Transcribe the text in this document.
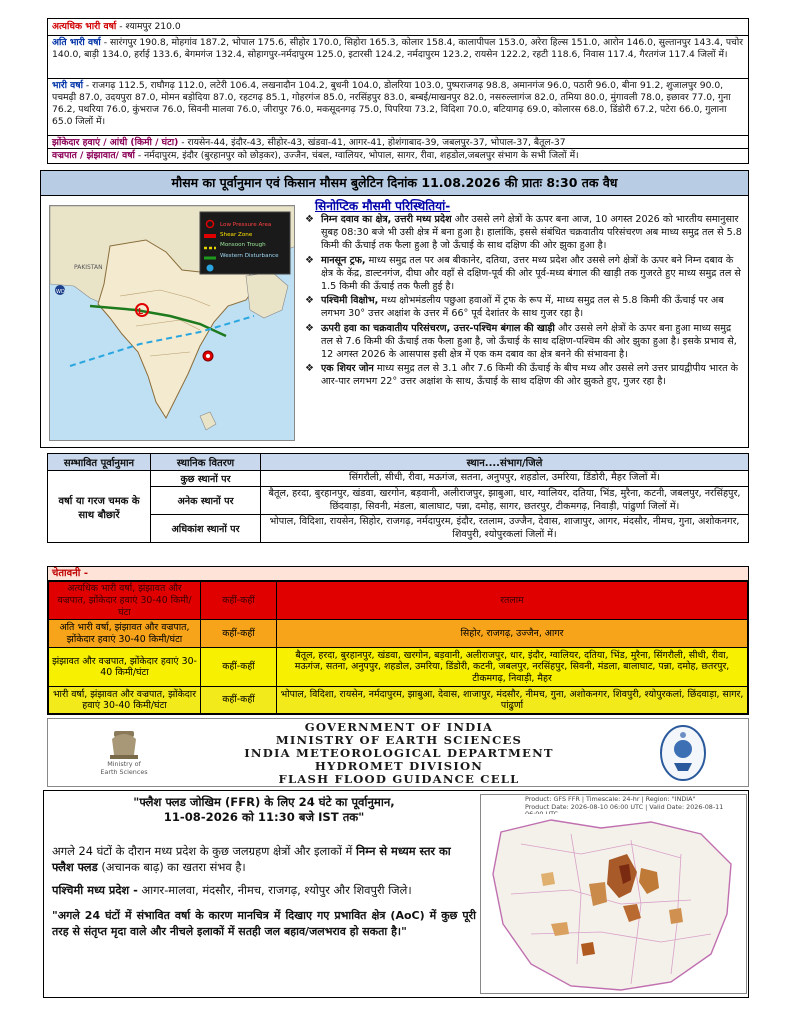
अत्यधिक भारी वर्षा - श्यामपुर 210.0
अति भारी वर्षा - सारंगपुर 190.8, मोहगांव 187.2, भोपाल 175.6, सीहोर 170.0, सिहोरा 165.3, कोलार 158.4, कालापीपल 153.0, अरेरा हिल्स 151.0, आरोन 146.0, सुल्तानपुर 143.4, पचोर 140.0, बाड़ी 134.0, हर्राई 133.6, बेगमगंज 132.4, सोहागपुर-नर्मदापुरम 125.0, इटारसी 124.2, नर्मदापुरम 123.2, रायसेन 122.2, रहटी 118.6, निवास 117.4, गैरतगंज 117.4 जिलों में।
भारी वर्षा - राजगढ़ 112.5, राघौगढ़ 112.0, लटेरी 106.4, लखनादौन 104.2, बुधनी 104.0, डोलरिया 103.0, पुष्पराजगढ़ 98.8, अमानगंज 96.0, पठारी 96.0, बीना 91.2, शुजालपुर 90.0, पचमढ़ी 87.0, उदयपुरा 87.0, मोमन बड़ोदिया 87.0, रहटगढ़ 85.1, गोहरगंज 85.0, नरसिंहपुर 83.0, बम्बई/माखनपुर 82.0, नसरुल्लागंज 82.0, तमिया 80.0, मुंगावली 78.0, इछावर 77.0, गुना 76.2, पथरिया 76.0, कुंभराज 76.0, सिवनी मालवा 76.0, जीरापुर 76.0, मकसूदनगढ़ 75.0, पिपरिया 73.2, विदिशा 70.0, बटियागढ़ 69.0, कोलारस 68.0, डिंडोरी 67.2, पटेरा 66.0, गुलाना 65.0 जिलों में।
झोंकेदार हवाएं / आंधी (किमी / घंटा) - रायसेन-44, इंदौर-43, सीहोर-43, खंडवा-41, आगर-41, होशंगाबाद-39, जबलपुर-37, भोपाल-37, बैतूल-37
वज्रपात / झंझावात/ वर्षा - नर्मदापुरम, इंदौर (बुरहानपुर को छोड़कर), उज्जैन, चंबल, ग्वालियर, भोपाल, सागर, रीवा, शहडोल,जबलपुर संभाग के सभी जिलों में।
मौसम का पूर्वानुमान एवं किसान मौसम बुलेटिन दिनांक 11.08.2026 की प्रातः 8:30 तक वैध
L
WD
Low Pressure Area
Shear Zone
Monsoon Trough
Western Disturbance
PAKISTAN
सिनोप्टिक मौसमी परिस्थितियां-
❖ निम्न दवाव का क्षेत्र, उत्तरी मध्य प्रदेश और उससे लगे क्षेत्रों के ऊपर बना आज, 10 अगस्त 2026 को भारतीय समानुसार सुबह 08:30 बजे भी उसी क्षेत्र में बना हुआ है। हालांकि, इससे संबंधित चक्रवातीय परिसंचरण अब माध्य समुद्र तल से 5.8 किमी की ऊँचाई तक फैला हुआ है जो ऊँचाई के साथ दक्षिण की ओर झुका हुआ है।
❖ मानसून ट्रफ, माध्य समुद्र तल पर अब बीकानेर, दतिया, उत्तर मध्य प्रदेश और उससे लगे क्षेत्रों के ऊपर बने निम्न दबाव के क्षेत्र के केंद्र, डाल्टनगंज, दीघा और वहाँ से दक्षिण-पूर्व की ओर पूर्व-मध्य बंगाल की खाड़ी तक गुजरते हुए माध्य समुद्र तल से 1.5 किमी की ऊँचाई तक फैली हुई है।
❖ पश्चिमी विक्षोभ, मध्य क्षोभमंडलीय पछुआ हवाओं में ट्रफ के रूप में, माध्य समुद्र तल से 5.8 किमी की ऊँचाई पर अब लगभग 30° उत्तर अक्षांश के उत्तर में 66° पूर्व देशांतर के साथ गुजर रहा है।
❖ ऊपरी हवा का चक्रवातीय परिसंचरण, उत्तर-पश्चिम बंगाल की खाड़ी और उससे लगे क्षेत्रों के ऊपर बना हुआ माध्य समुद्र तल से 7.6 किमी की ऊँचाई तक फैला हुआ है, जो ऊँचाई के साथ दक्षिण-पश्चिम की ओर झुका हुआ है। इसके प्रभाव से, 12 अगस्त 2026 के आसपास इसी क्षेत्र में एक कम दबाव का क्षेत्र बनने की संभावना है।
❖ एक शियर जोन माध्य समुद्र तल से 3.1 और 7.6 किमी की ऊँचाई के बीच मध्य और उससे लगे उत्तर प्रायद्वीपीय भारत के आर-पार लगभग 22° उत्तर अक्षांश के साथ, ऊँचाई के साथ दक्षिण की ओर झुकते हुए, गुजर रहा है।
सम्भावित पूर्वानुमान	स्थानिक वितरण	स्थान....संभाग/जिले
वर्षा या गरज चमक के साथ बौछारें	कुछ स्थानों पर	सिंगरौली, सीधी, रीवा, मऊगंज, सतना, अनुपपुर, शहडोल, उमरिया, डिंडोरी, मैहर जिलों में।
	अनेक स्थानों पर	बैतूल, हरदा, बुरहानपुर, खंडवा, खरगोन, बड़वानी, अलीराजपुर, झाबुआ, धार, ग्वालियर, दतिया, भिंड, मुरैना, कटनी, जबलपुर, नरसिंहपुर, छिंदवाड़ा, सिवनी, मंडला, बालाघाट, पन्ना, दमोह, सागर, छतरपुर, टीकमगढ़, निवाड़ी, पांढुर्णा जिलों में।
	अधिकांश स्थानों पर	भोपाल, विदिशा, रायसेन, सिहोर, राजगढ़, नर्मदापुरम, इंदौर, रतलाम, उज्जैन, देवास, शाजापुर, आगर, मंदसौर, नीमच, गुना, अशोकनगर, शिवपुरी, श्योपुरकलां जिलों में।
चेतावनी -
अत्यधिक भारी वर्षा, झंझावत और वज्रपात, झोंकेदार हवाएं 30-40 किमी/घंटा	कहीं-कहीं	रतलाम
अति भारी वर्षा, झंझावत और वज्रपात, झोंकेदार हवाएं 30-40 किमी/घंटा	कहीं-कहीं	सिहोर, राजगढ़, उज्जैन, आगर
झंझावत और वज्रपात, झोंकेदार हवाएं 30-40 किमी/घंटा	कहीं-कहीं	बैतूल, हरदा, बुरहानपुर, खंडवा, खरगोन, बड़वानी, अलीराजपुर, धार, इंदौर, ग्वालियर, दतिया, भिंड, मुरैना, सिंगरौली, सीधी, रीवा, मऊगंज, सतना, अनुपपुर, शहडोल, उमरिया, डिंडोरी, कटनी, जबलपुर, नरसिंहपुर, सिवनी, मंडला, बालाघाट, पन्ना, दमोह, छतरपुर, टीकमगढ़, निवाड़ी, मैहर
भारी वर्षा, झंझावत और वज्रपात, झोंकेदार हवाएं 30-40 किमी/घंटा	कहीं-कहीं	भोपाल, विदिशा, रायसेन, नर्मदापुरम, झाबुआ, देवास, शाजापुर, मंदसौर, नीमच, गुना, अशोकनगर, शिवपुरी, श्योपुरकलां, छिंदवाड़ा, सागर, पांढुर्णा
Ministry of
Earth Sciences
GOVERNMENT OF INDIA
MINISTRY OF EARTH SCIENCES
INDIA METEOROLOGICAL DEPARTMENT
HYDROMET DIVISION
FLASH FLOOD GUIDANCE CELL
"फ्लैश फ्लड जोखिम (FFR) के लिए 24 घंटे का पूर्वानुमान,
11-08-2026 को 11:30 बजे IST तक"
अगले 24 घंटों के दौरान मध्य प्रदेश के कुछ जलग्रहण क्षेत्रों और इलाकों में निम्न से मध्यम स्तर का फ्लैश फ्लड (अचानक बाढ़) का खतरा संभव है।
पश्चिमी मध्य प्रदेश - आगर-मालवा, मंदसौर, नीमच, राजगढ़, श्योपुर और शिवपुरी जिले।
"अगले 24 घंटों में संभावित वर्षा के कारण मानचित्र में दिखाए गए प्रभावित क्षेत्र (AoC) में कुछ पूरी तरह से संतृप्त मृदा वाले और नीचले इलाकों में सतही जल बहाव/जलभराव हो सकता है।"
Product: GFS FFR | Timescale: 24-hr | Region: "INDIA"
Product Date: 2026-08-10 06:00 UTC | Valid Date: 2026-08-11
